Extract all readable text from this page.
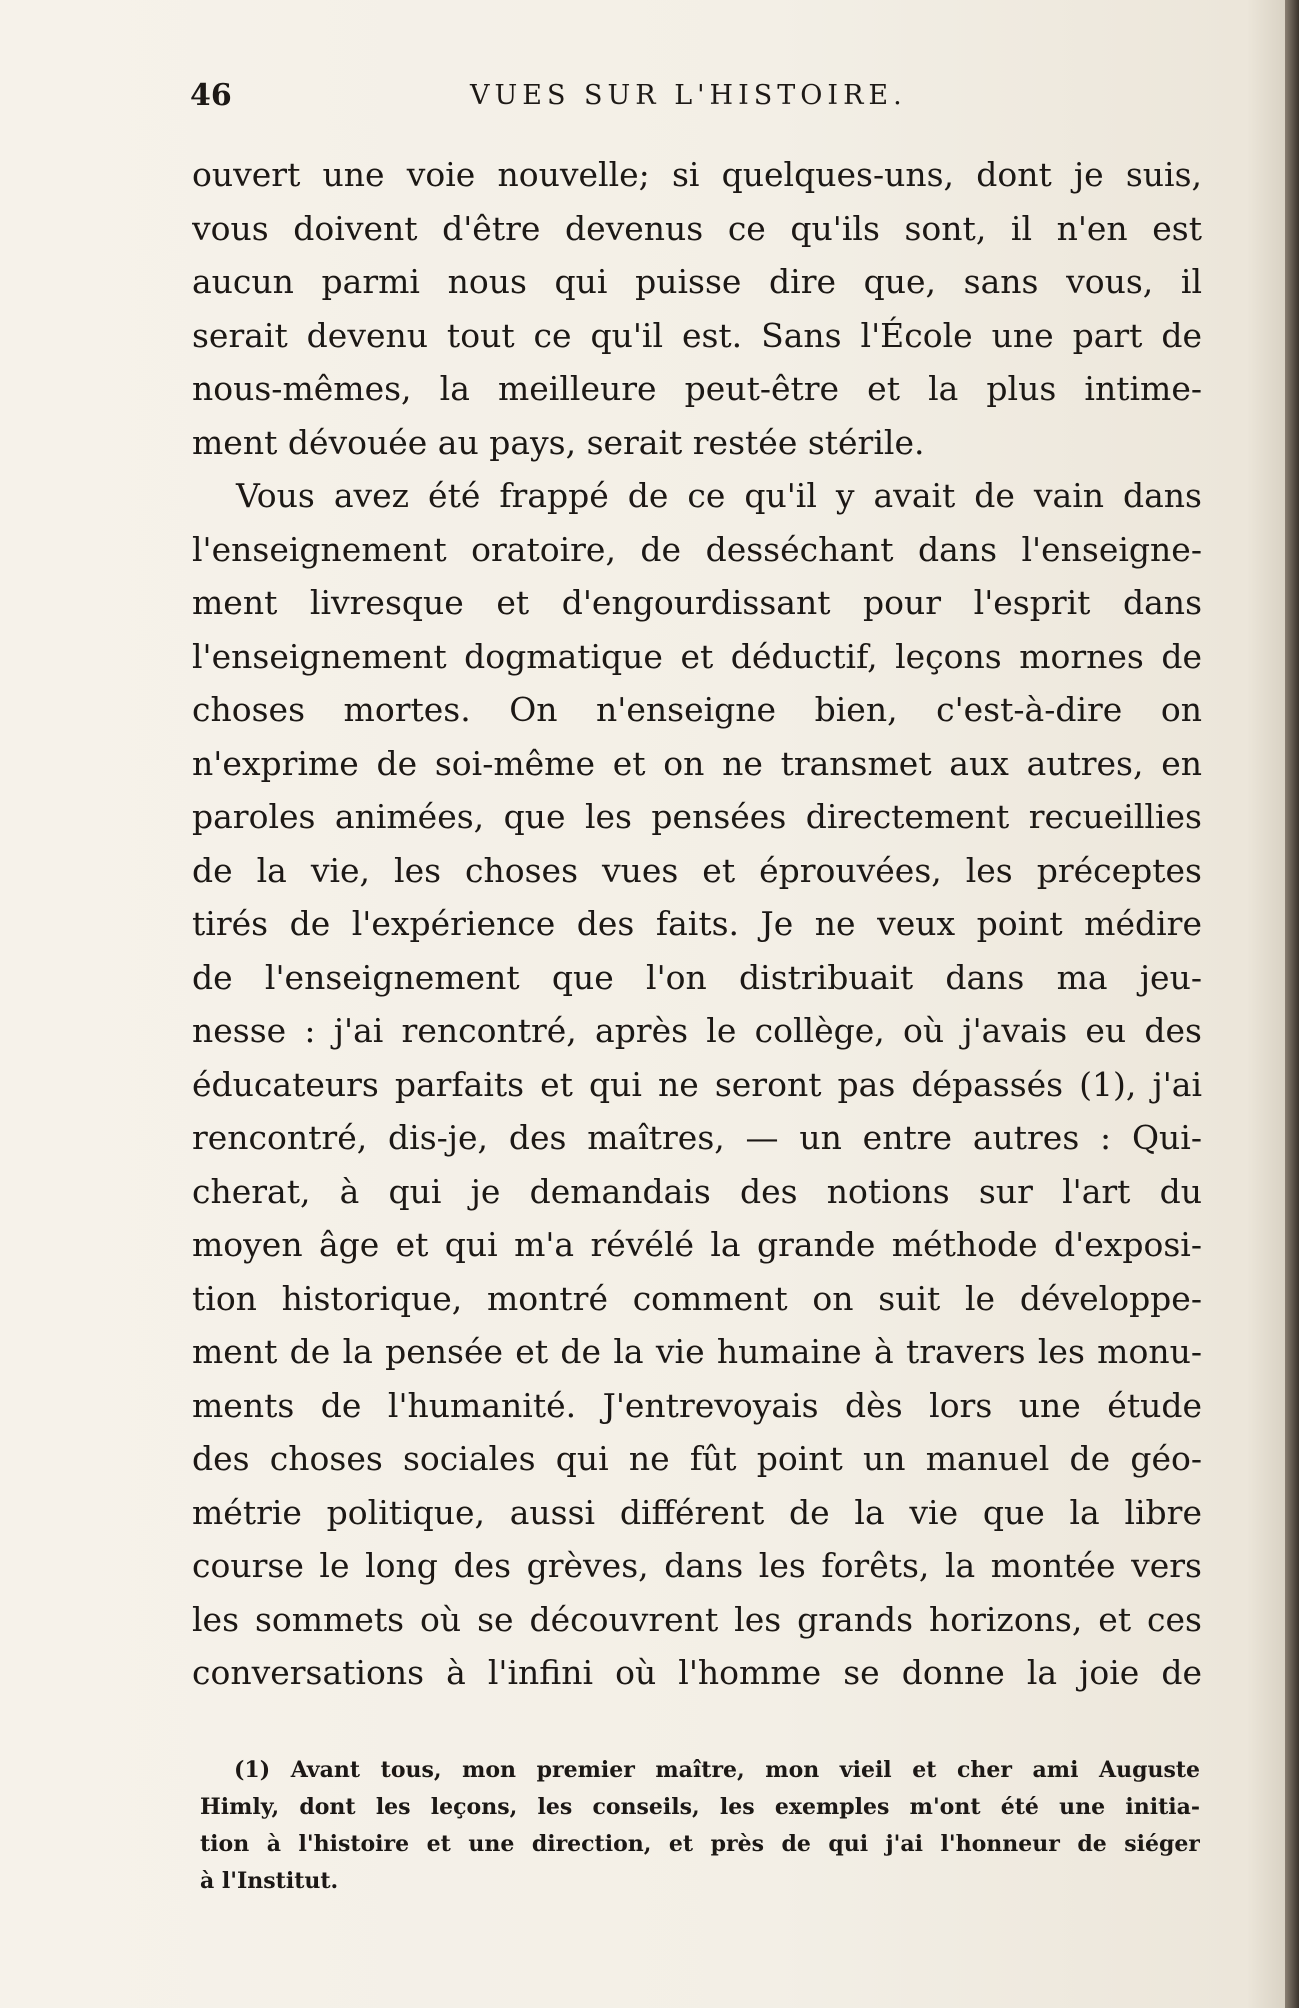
46	VUES SUR L'HISTOIRE.
ouvert une voie nouvelle; si quelques-uns, dont je suis,
vous doivent d'être devenus ce qu'ils sont, il n'en est
aucun parmi nous qui puisse dire que, sans vous, il
serait devenu tout ce qu'il est. Sans l'École une part de
nous-mêmes, la meilleure peut-être et la plus intime-
ment dévouée au pays, serait restée stérile.
Vous avez été frappé de ce qu'il y avait de vain dans
l'enseignement oratoire, de desséchant dans l'enseigne-
ment livresque et d'engourdissant pour l'esprit dans
l'enseignement dogmatique et déductif, leçons mornes de
choses mortes. On n'enseigne bien, c'est-à-dire on
n'exprime de soi-même et on ne transmet aux autres, en
paroles animées, que les pensées directement recueillies
de la vie, les choses vues et éprouvées, les préceptes
tirés de l'expérience des faits. Je ne veux point médire
de l'enseignement que l'on distribuait dans ma jeu-
nesse : j'ai rencontré, après le collège, où j'avais eu des
éducateurs parfaits et qui ne seront pas dépassés (1), j'ai
rencontré, dis-je, des maîtres, — un entre autres : Qui-
cherat, à qui je demandais des notions sur l'art du
moyen âge et qui m'a révélé la grande méthode d'exposi-
tion historique, montré comment on suit le développe-
ment de la pensée et de la vie humaine à travers les monu-
ments de l'humanité. J'entrevoyais dès lors une étude
des choses sociales qui ne fût point un manuel de géo-
métrie politique, aussi différent de la vie que la libre
course le long des grèves, dans les forêts, la montée vers
les sommets où se découvrent les grands horizons, et ces
conversations à l'infini où l'homme se donne la joie de
(1) Avant tous, mon premier maître, mon vieil et cher ami Auguste
Himly, dont les leçons, les conseils, les exemples m'ont été une initia-
tion à l'histoire et une direction, et près de qui j'ai l'honneur de siéger
à l'Institut.
